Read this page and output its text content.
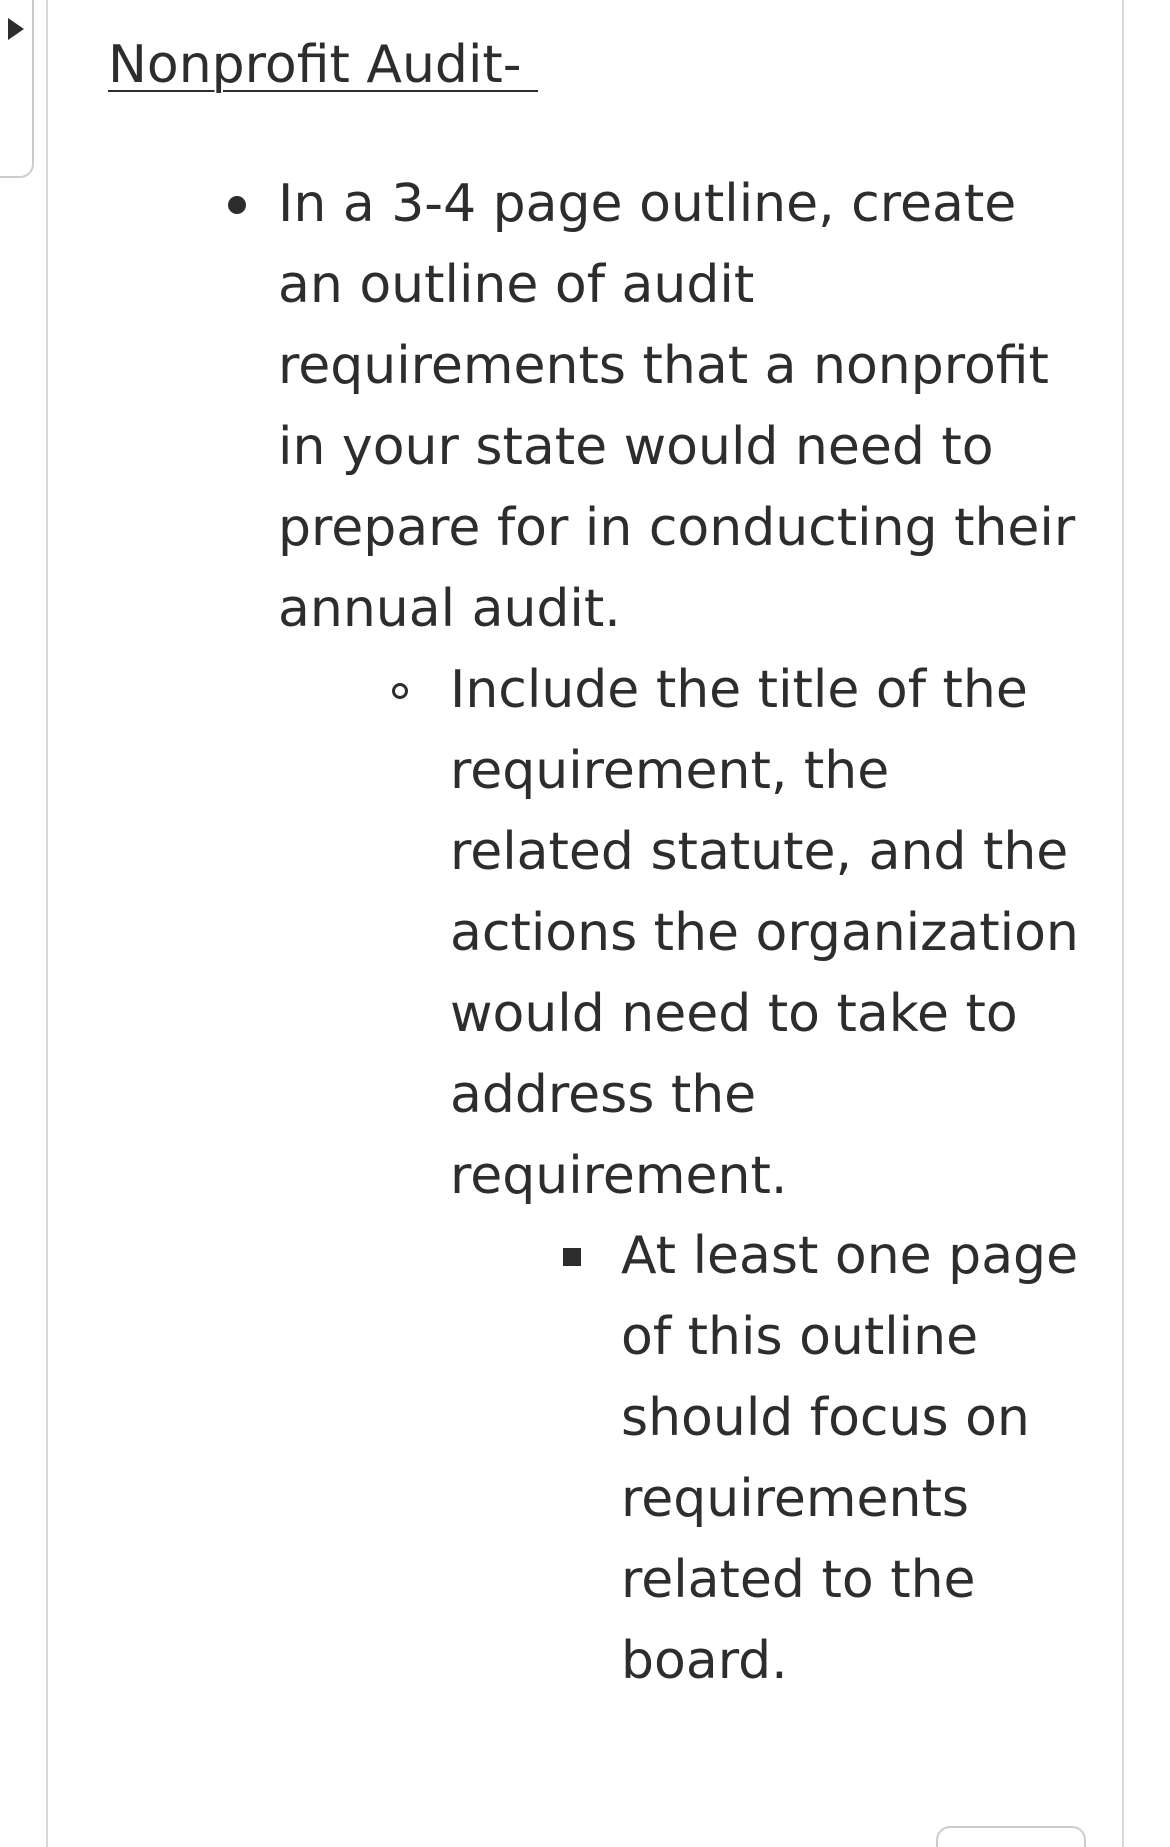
Nonprofit Audit-

In a 3-4 page outline, create an outline of audit requirements that a nonprofit in your state would need to prepare for in conducting their annual audit.

Include the title of the requirement, the related statute, and the actions the organization would need to take to address the requirement.

At least one page of this outline should focus on requirements related to the board.
